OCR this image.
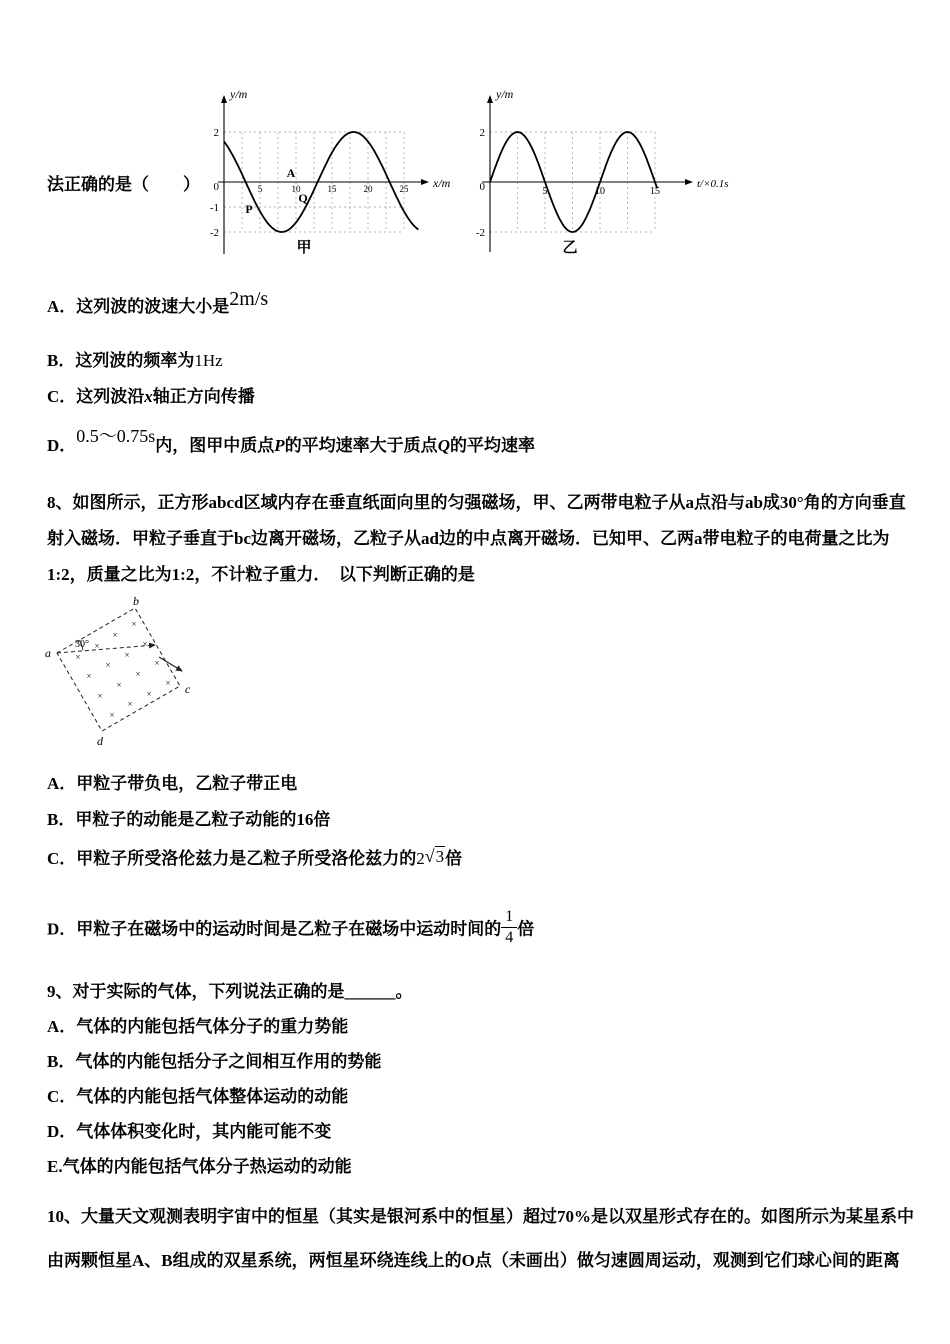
法正确的是（　　）
y/m
x/m
2
0
-1
-2
5	10	15	20	25
A
P
Q
甲
y/m
t/×0.1s
2
0
-2
5	10	15
乙
A．这列波的波速大小是2m/s
B．这列波的频率为1Hz
C．这列波沿x轴正方向传播
D．0.5～0.75s内，图甲中质点P的平均速率大于质点Q的平均速率
8、如图所示，正方形abcd区域内存在垂直纸面向里的匀强磁场，甲、乙两带电粒子从a点沿与ab成30°角的方向垂直
射入磁场．甲粒子垂直于bc边离开磁场，乙粒子从ad边的中点离开磁场．已知甲、乙两a带电粒子的电荷量之比为
1:2，质量之比为1:2，不计粒子重力．　以下判断正确的是
30°
a
b
c
d
×
×
×
×
×
×
×
×
×
×
×
×
×
×
×
×
A．甲粒子带负电，乙粒子带正电
B．甲粒子的动能是乙粒子动能的16倍
C．甲粒子所受洛伦兹力是乙粒子所受洛伦兹力的2√3倍
D．甲粒子在磁场中的运动时间是乙粒子在磁场中运动时间的 $\frac{1}{4}$ 倍
9、对于实际的气体，下列说法正确的是______。
A．气体的内能包括气体分子的重力势能
B．气体的内能包括分子之间相互作用的势能
C．气体的内能包括气体整体运动的动能
D．气体体积变化时，其内能可能不变
E.气体的内能包括气体分子热运动的动能
10、大量天文观测表明宇宙中的恒星（其实是银河系中的恒星）超过70%是以双星形式存在的。如图所示为某星系中
由两颗恒星A、B组成的双星系统，两恒星环绕连线上的O点（未画出）做匀速圆周运动，观测到它们球心间的距离
